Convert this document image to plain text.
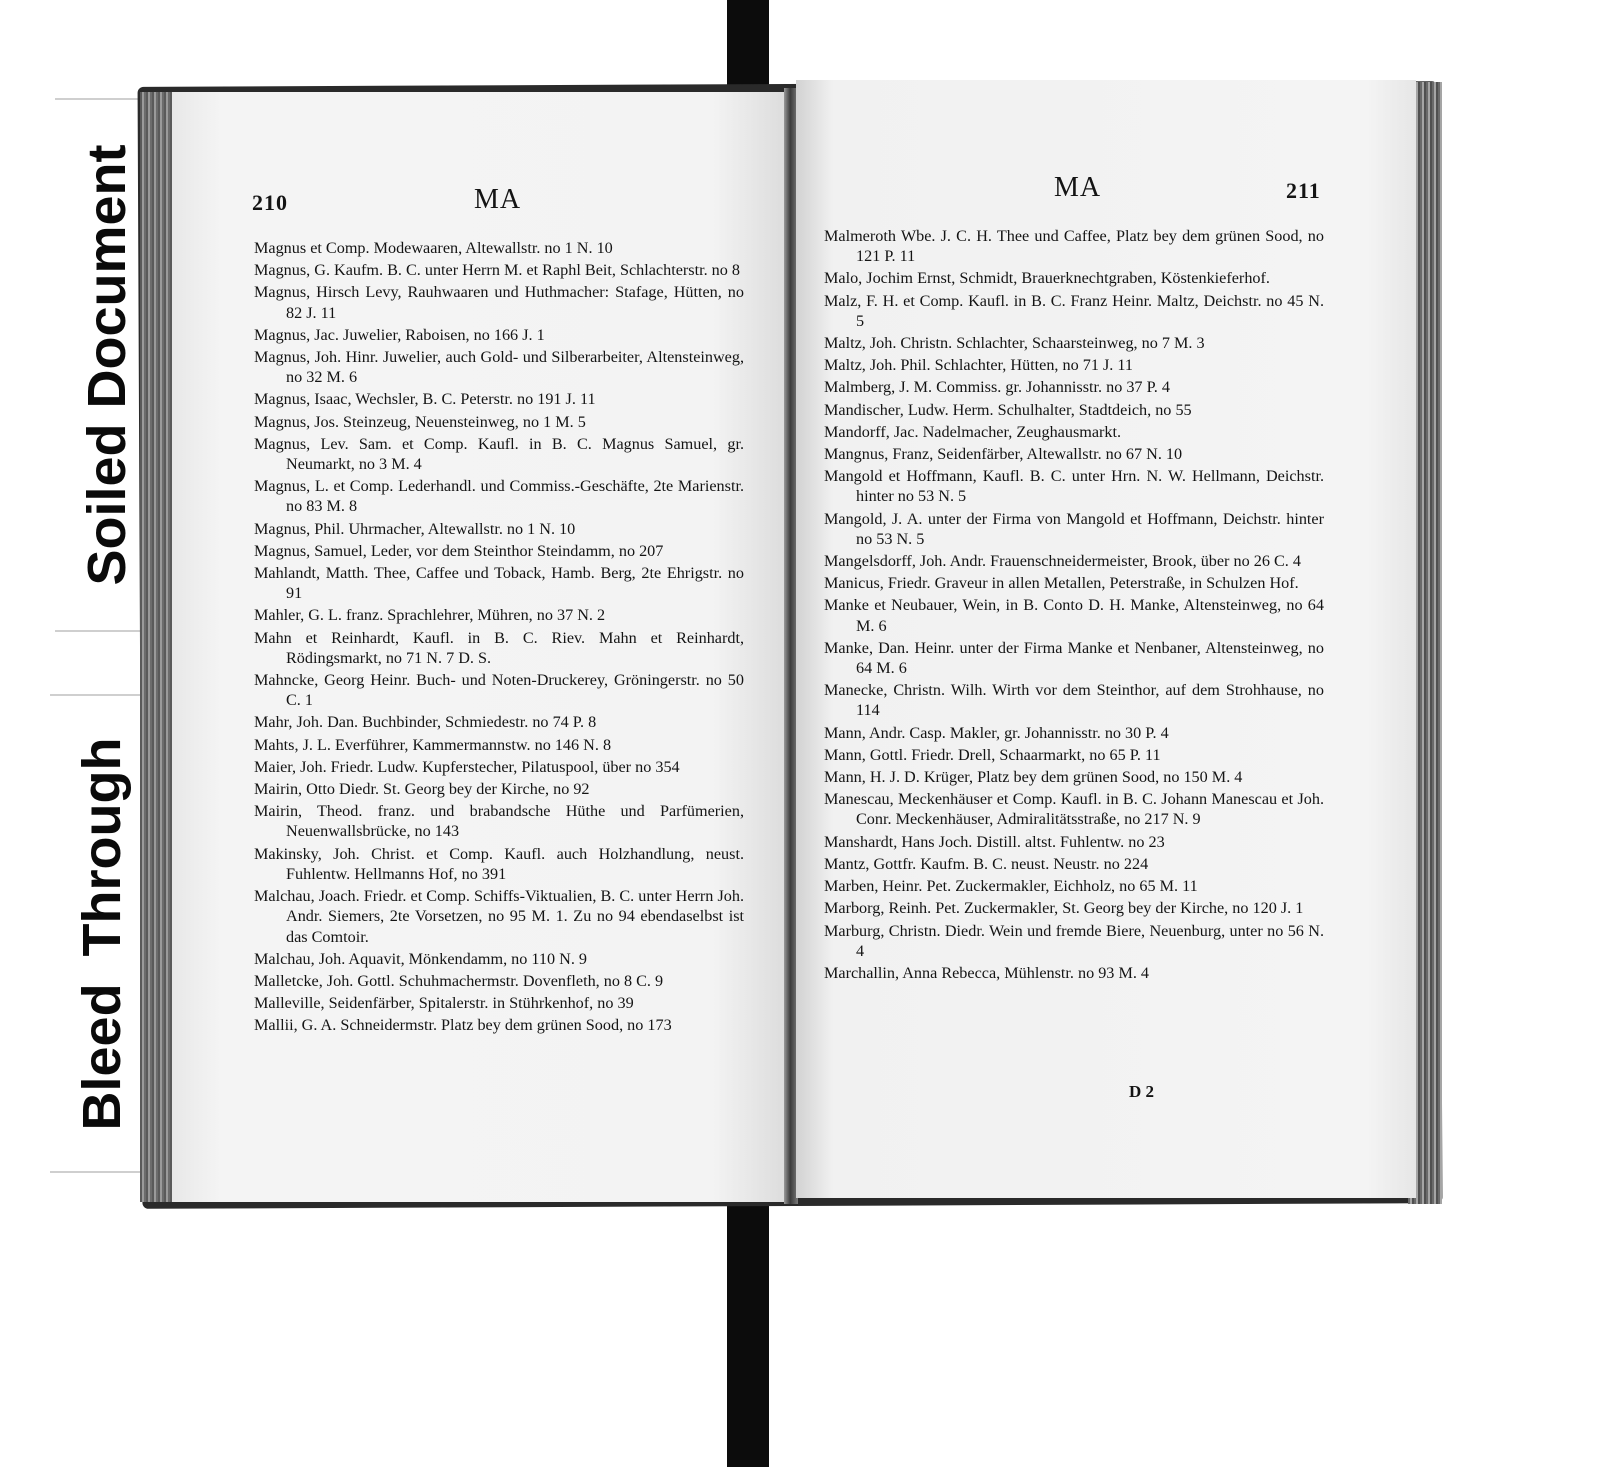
Soiled Document
Bleed Through
210	MA
Magnus et Comp. Modewaaren, Altewallstr. no 1 N. 10
Magnus, G. Kaufm. B. C. unter Herrn M. et Raphl Beit, Schlachterstr. no 8
Magnus, Hirsch Levy, Rauhwaaren und Huthmacher: Stafage, Hütten, no 82 J. 11
Magnus, Jac. Juwelier, Raboisen, no 166 J. 1
Magnus, Joh. Hinr. Juwelier, auch Gold- und Silberarbeiter, Altensteinweg, no 32 M. 6
Magnus, Isaac, Wechsler, B. C. Peterstr. no 191 J. 11
Magnus, Jos. Steinzeug, Neuensteinweg, no 1 M. 5
Magnus, Lev. Sam. et Comp. Kaufl. in B. C. Magnus Samuel, gr. Neumarkt, no 3 M. 4
Magnus, L. et Comp. Lederhandl. und Commiss.-Geschäfte, 2te Marienstr. no 83 M. 8
Magnus, Phil. Uhrmacher, Altewallstr. no 1 N. 10
Magnus, Samuel, Leder, vor dem Steinthor Steindamm, no 207
Mahlandt, Matth. Thee, Caffee und Toback, Hamb. Berg, 2te Ehrigstr. no 91
Mahler, G. L. franz. Sprachlehrer, Mühren, no 37 N. 2
Mahn et Reinhardt, Kaufl. in B. C. Riev. Mahn et Reinhardt, Rödingsmarkt, no 71 N. 7 D. S.
Mahncke, Georg Heinr. Buch- und Noten-Druckerey, Gröningerstr. no 50 C. 1
Mahr, Joh. Dan. Buchbinder, Schmiedestr. no 74 P. 8
Mahts, J. L. Everführer, Kammermannstw. no 146 N. 8
Maier, Joh. Friedr. Ludw. Kupferstecher, Pilatuspool, über no 354
Mairin, Otto Diedr. St. Georg bey der Kirche, no 92
Mairin, Theod. franz. und brabandsche Hüthe und Parfümerien, Neuenwallsbrücke, no 143
Makinsky, Joh. Christ. et Comp. Kaufl. auch Holzhandlung, neust. Fuhlentw. Hellmanns Hof, no 391
Malchau, Joach. Friedr. et Comp. Schiffs-Viktualien, B. C. unter Herrn Joh. Andr. Siemers, 2te Vorsetzen, no 95 M. 1. Zu no 94 ebendaselbst ist das Comtoir.
Malchau, Joh. Aquavit, Mönkendamm, no 110 N. 9
Malletcke, Joh. Gottl. Schuhmachermstr. Dovenfleth, no 8 C. 9
Malleville, Seidenfärber, Spitalerstr. in Stührkenhof, no 39
Mallii, G. A. Schneidermstr. Platz bey dem grünen Sood, no 173
MA	211
Malmeroth Wbe. J. C. H. Thee und Caffee, Platz bey dem grünen Sood, no 121 P. 11
Malo, Jochim Ernst, Schmidt, Brauerknechtgraben, Köstenkieferhof.
Malz, F. H. et Comp. Kaufl. in B. C. Franz Heinr. Maltz, Deichstr. no 45 N. 5
Maltz, Joh. Christn. Schlachter, Schaarsteinweg, no 7 M. 3
Maltz, Joh. Phil. Schlachter, Hütten, no 71 J. 11
Malmberg, J. M. Commiss. gr. Johannisstr. no 37 P. 4
Mandischer, Ludw. Herm. Schulhalter, Stadtdeich, no 55
Mandorff, Jac. Nadelmacher, Zeughausmarkt.
Mangnus, Franz, Seidenfärber, Altewallstr. no 67 N. 10
Mangold et Hoffmann, Kaufl. B. C. unter Hrn. N. W. Hellmann, Deichstr. hinter no 53 N. 5
Mangold, J. A. unter der Firma von Mangold et Hoffmann, Deichstr. hinter no 53 N. 5
Mangelsdorff, Joh. Andr. Frauenschneidermeister, Brook, über no 26 C. 4
Manicus, Friedr. Graveur in allen Metallen, Peterstraße, in Schulzen Hof.
Manke et Neubauer, Wein, in B. Conto D. H. Manke, Altensteinweg, no 64 M. 6
Manke, Dan. Heinr. unter der Firma Manke et Nenbaner, Altensteinweg, no 64 M. 6
Manecke, Christn. Wilh. Wirth vor dem Steinthor, auf dem Strohhause, no 114
Mann, Andr. Casp. Makler, gr. Johannisstr. no 30 P. 4
Mann, Gottl. Friedr. Drell, Schaarmarkt, no 65 P. 11
Mann, H. J. D. Krüger, Platz bey dem grünen Sood, no 150 M. 4
Manescau, Meckenhäuser et Comp. Kaufl. in B. C. Johann Manescau et Joh. Conr. Meckenhäuser, Admiralitätsstraße, no 217 N. 9
Manshardt, Hans Joch. Distill. altst. Fuhlentw. no 23
Mantz, Gottfr. Kaufm. B. C. neust. Neustr. no 224
Marben, Heinr. Pet. Zuckermakler, Eichholz, no 65 M. 11
Marborg, Reinh. Pet. Zuckermakler, St. Georg bey der Kirche, no 120 J. 1
Marburg, Christn. Diedr. Wein und fremde Biere, Neuenburg, unter no 56 N. 4
Marchallin, Anna Rebecca, Mühlenstr. no 93 M. 4
D 2
